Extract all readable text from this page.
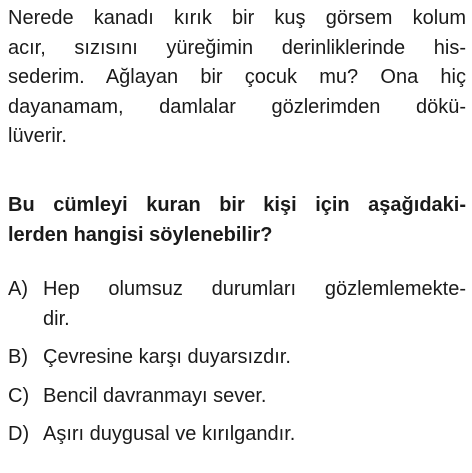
Nerede kanadı kırık bir kuş görsem kolum
acır, sızısını yüreğimin derinliklerinde his-
sederim. Ağlayan bir çocuk mu? Ona hiç
dayanamam, damlalar gözlerimden dökü-
lüverir.
Bu cümleyi kuran bir kişi için aşağıdaki-
lerden hangisi söylenebilir?
A) Hep olumsuz durumları gözlemlemekte-
dir.
B) Çevresine karşı duyarsızdır.
C) Bencil davranmayı sever.
D) Aşırı duygusal ve kırılgandır.
